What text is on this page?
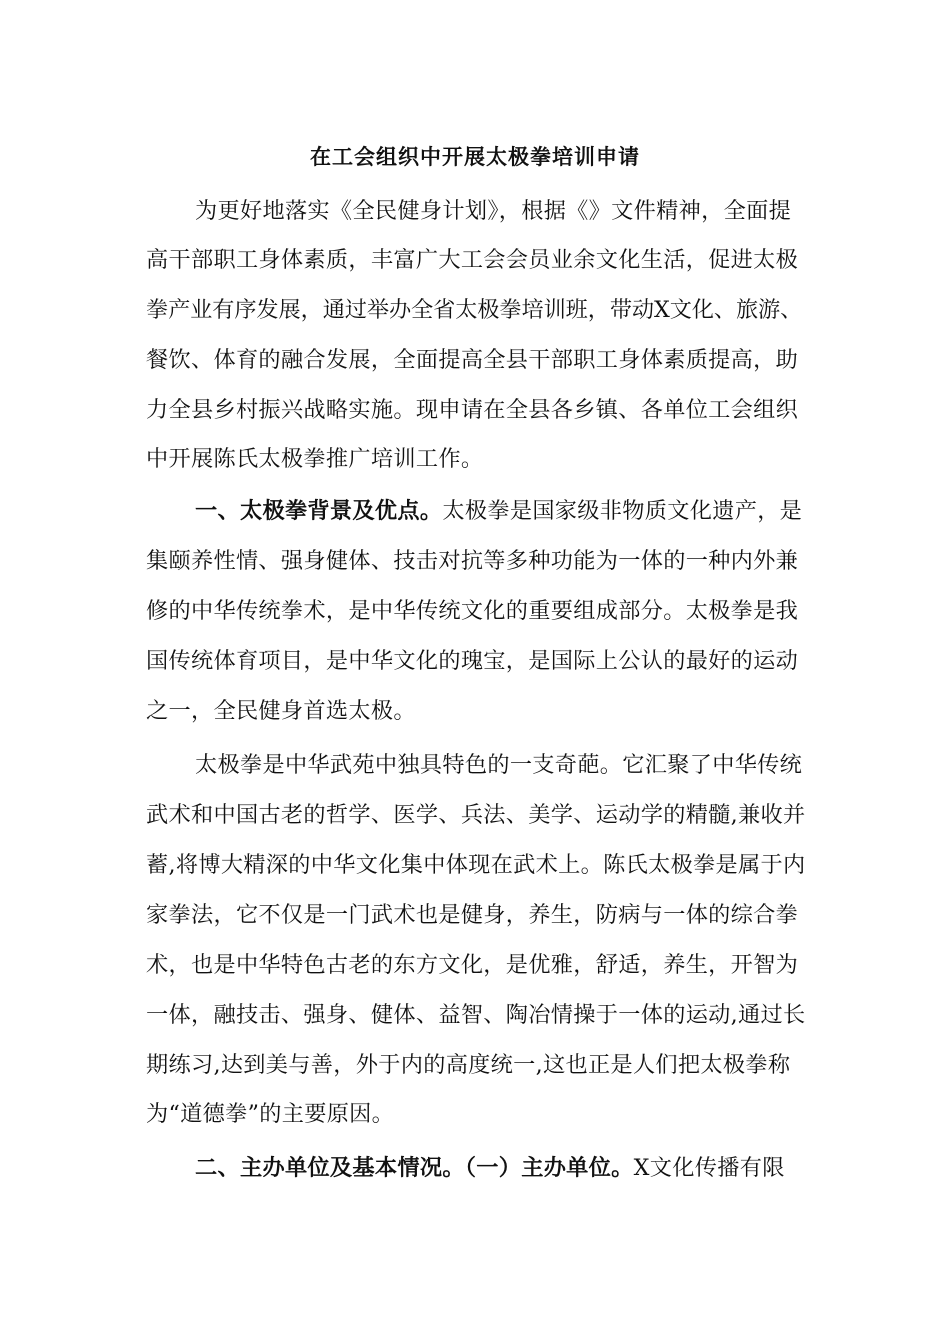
在工会组织中开展太极拳培训申请
为更好地落实《全民健身计划》，根据《》文件精神，全面提
高干部职工身体素质，丰富广大工会会员业余文化生活，促进太极
拳产业有序发展，通过举办全省太极拳培训班，带动X文化、旅游、
餐饮、体育的融合发展，全面提高全县干部职工身体素质提高，助
力全县乡村振兴战略实施。现申请在全县各乡镇、各单位工会组织
中开展陈氏太极拳推广培训工作。
一、太极拳背景及优点。太极拳是国家级非物质文化遗产，是
集颐养性情、强身健体、技击对抗等多种功能为一体的一种内外兼
修的中华传统拳术，是中华传统文化的重要组成部分。太极拳是我
国传统体育项目，是中华文化的瑰宝，是国际上公认的最好的运动
之一，全民健身首选太极。
太极拳是中华武苑中独具特色的一支奇葩。它汇聚了中华传统
武术和中国古老的哲学、医学、兵法、美学、运动学的精髓,兼收并
蓄,将博大精深的中华文化集中体现在武术上。陈氏太极拳是属于内
家拳法，它不仅是一门武术也是健身，养生，防病与一体的综合拳
术，也是中华特色古老的东方文化，是优雅，舒适，养生，开智为
一体，融技击、强身、健体、益智、陶冶情操于一体的运动,通过长
期练习,达到美与善，外于内的高度统一,这也正是人们把太极拳称
为“道德拳”的主要原因。
二、主办单位及基本情况。（一）主办单位。X文化传播有限
